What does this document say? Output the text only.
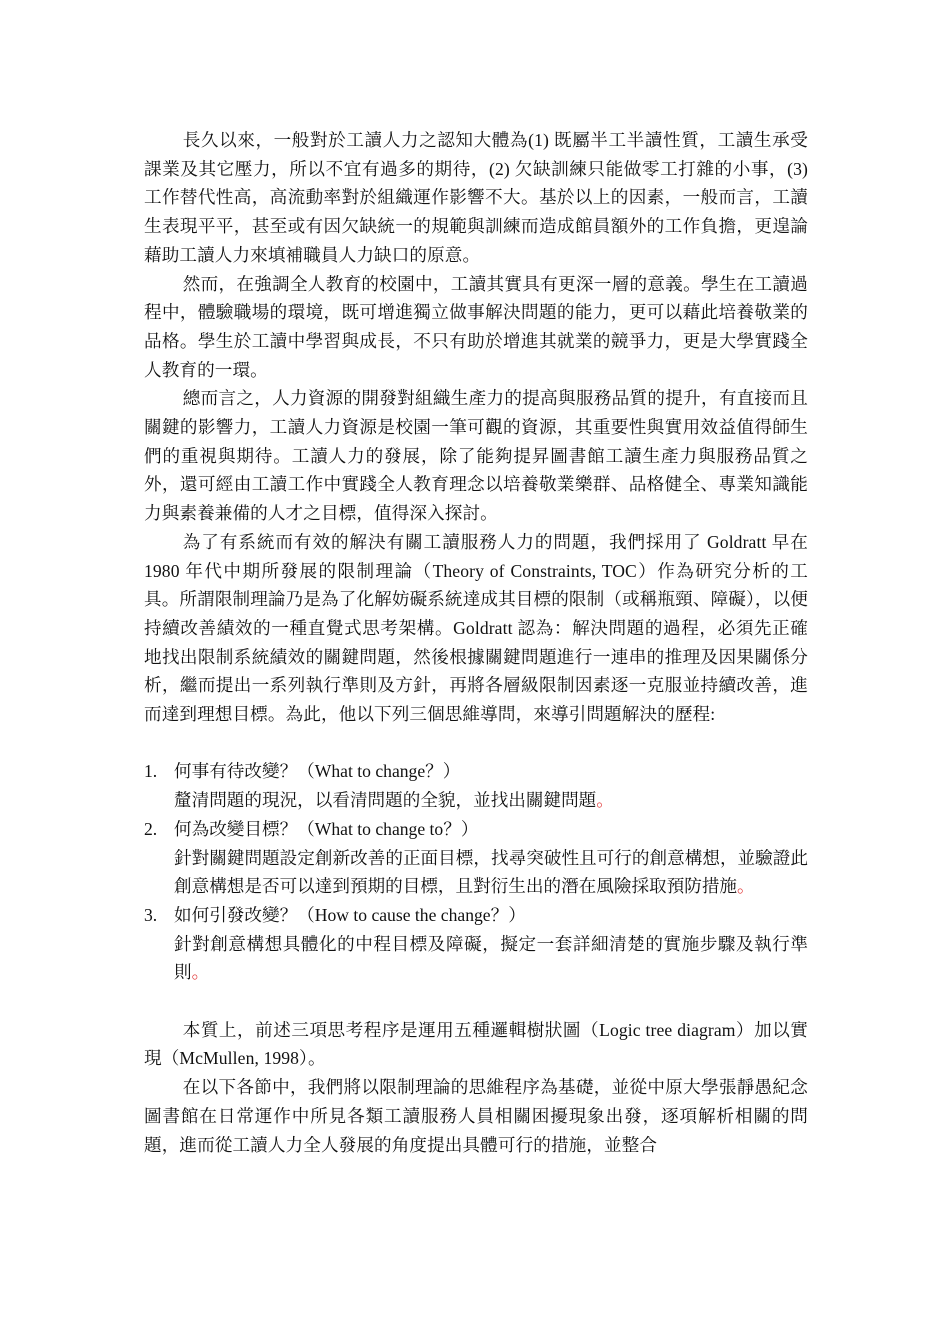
長久以來，一般對於工讀人力之認知大體為(1) 既屬半工半讀性質，工讀生承受課業及其它壓力，所以不宜有過多的期待，(2) 欠缺訓練只能做零工打雜的小事，(3) 工作替代性高，高流動率對於組織運作影響不大。基於以上的因素，一般而言，工讀生表現平平，甚至或有因欠缺統一的規範與訓練而造成館員額外的工作負擔，更遑論藉助工讀人力來填補職員人力缺口的原意。

然而，在強調全人教育的校園中，工讀其實具有更深一層的意義。學生在工讀過程中，體驗職場的環境，既可增進獨立做事解決問題的能力，更可以藉此培養敬業的品格。學生於工讀中學習與成長，不只有助於增進其就業的競爭力，更是大學實踐全人教育的一環。

總而言之，人力資源的開發對組織生產力的提高與服務品質的提升，有直接而且關鍵的影響力，工讀人力資源是校園一筆可觀的資源，其重要性與實用效益值得師生們的重視與期待。工讀人力的發展，除了能夠提昇圖書館工讀生產力與服務品質之外，還可經由工讀工作中實踐全人教育理念以培養敬業樂群、品格健全、專業知識能力與素養兼備的人才之目標，值得深入探討。

為了有系統而有效的解決有關工讀服務人力的問題，我們採用了 Goldratt 早在 1980 年代中期所發展的限制理論（Theory of Constraints, TOC）作為研究分析的工具。所謂限制理論乃是為了化解妨礙系統達成其目標的限制（或稱瓶頸、障礙），以便持續改善績效的一種直覺式思考架構。Goldratt 認為：解決問題的過程，必須先正確地找出限制系統績效的關鍵問題，然後根據關鍵問題進行一連串的推理及因果關係分析，繼而提出一系列執行準則及方針，再將各層級限制因素逐一克服並持續改善，進而達到理想目標。為此，他以下列三個思維導問，來導引問題解決的歷程:

1. 何事有待改變？（What to change？）
釐清問題的現況，以看清問題的全貌，並找出關鍵問題。
2. 何為改變目標？（What to change to？）
針對關鍵問題設定創新改善的正面目標，找尋突破性且可行的創意構想，並驗證此創意構想是否可以達到預期的目標，且對衍生出的潛在風險採取預防措施。
3. 如何引發改變？（How to cause the change？）
針對創意構想具體化的中程目標及障礙，擬定一套詳細清楚的實施步驟及執行準則。

本質上，前述三項思考程序是運用五種邏輯樹狀圖（Logic tree diagram）加以實現（McMullen, 1998）。

在以下各節中，我們將以限制理論的思維程序為基礎，並從中原大學張靜愚紀念圖書館在日常運作中所見各類工讀服務人員相關困擾現象出發，逐項解析相關的問題，進而從工讀人力全人發展的角度提出具體可行的措施，並整合
